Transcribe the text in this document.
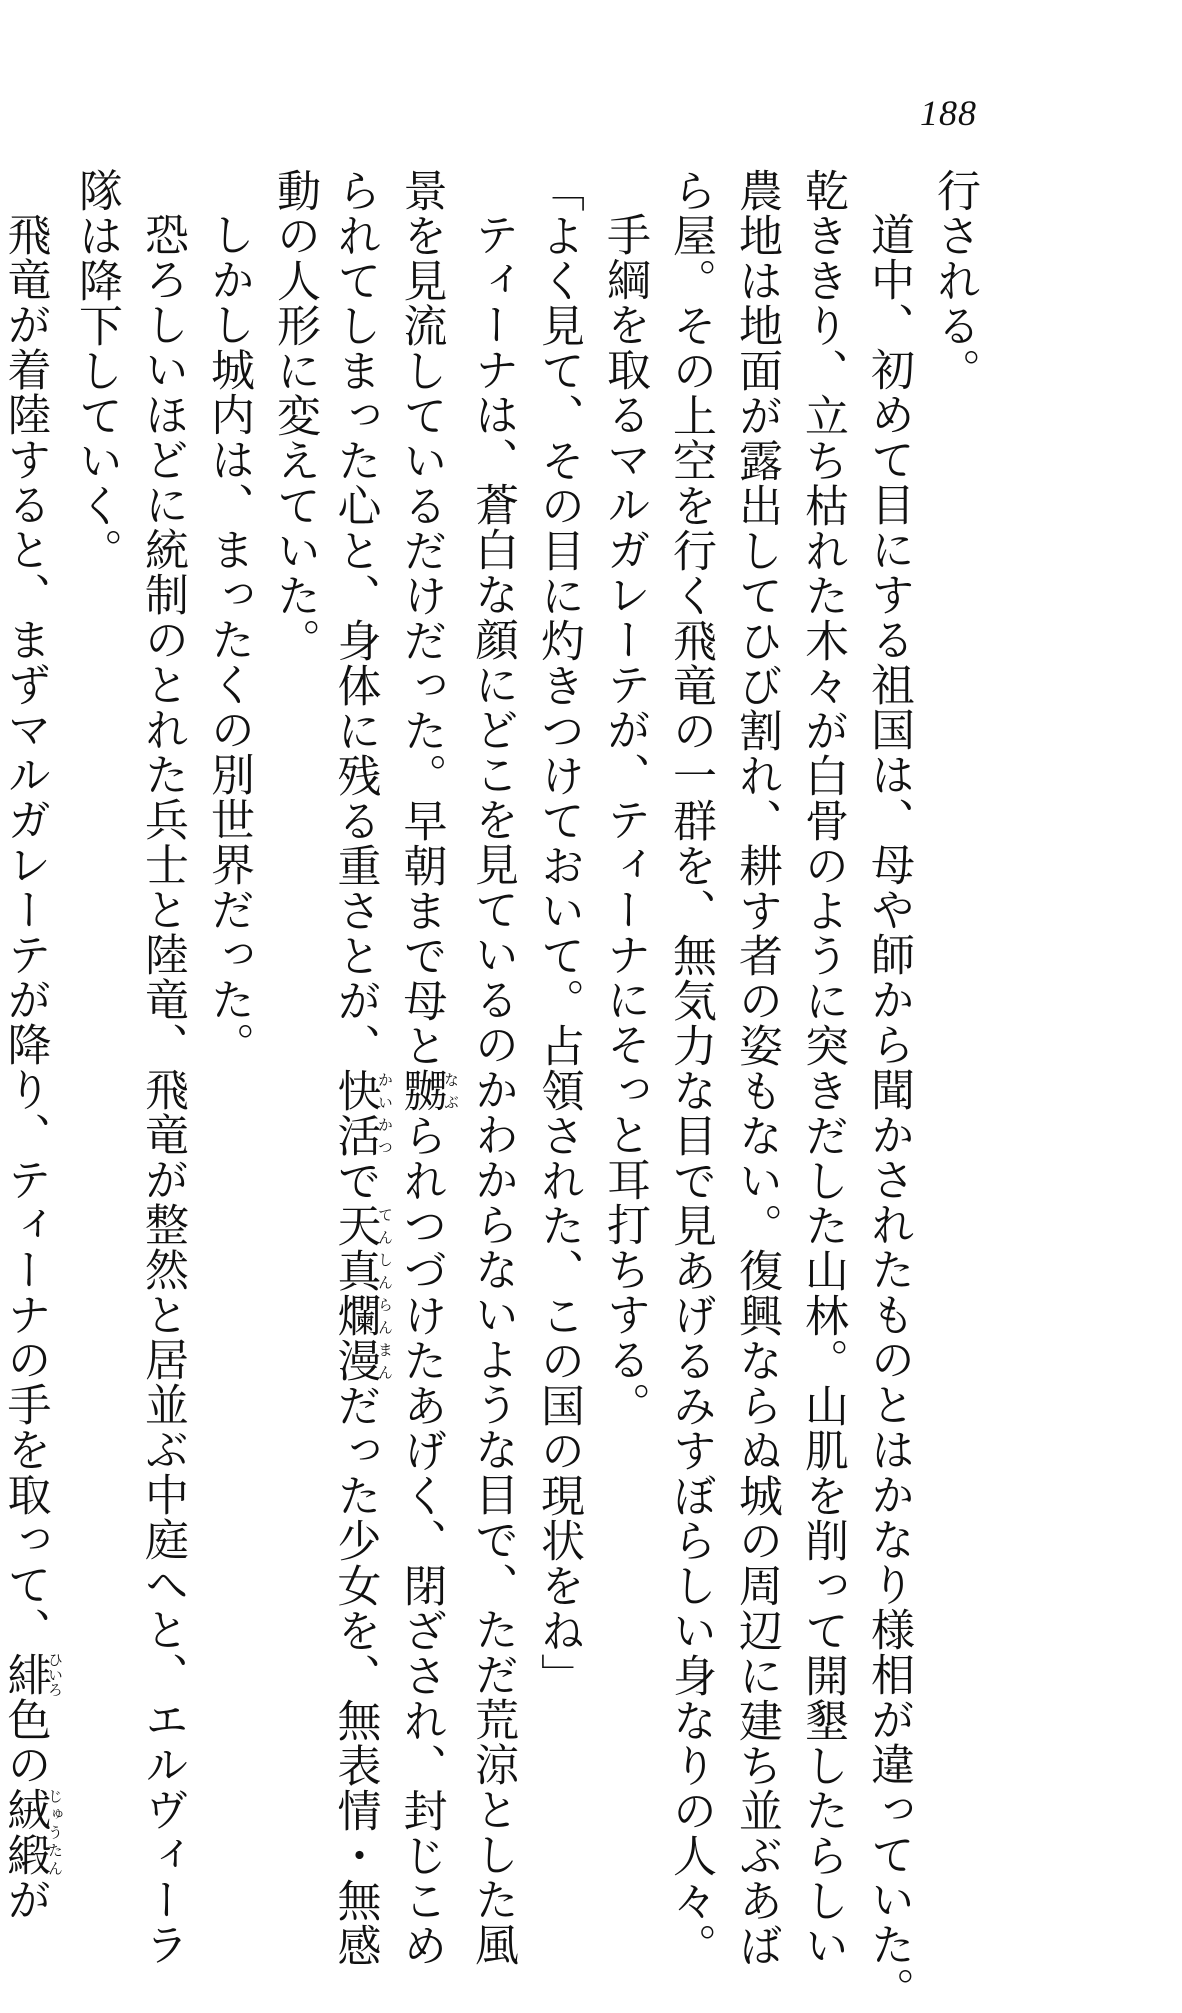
188
行される。
道中、初めて目にする祖国は、母や師から聞かされたものとはかなり様相が違っていた。
乾ききり、立ち枯れた木々が白骨のように突きだした山林。山肌を削って開墾したらしい
農地は地面が露出してひび割れ、耕す者の姿もない。復興ならぬ城の周辺に建ち並ぶあば
ら屋。その上空を行く飛竜の一群を、無気力な目で見あげるみすぼらしい身なりの人々。
手綱を取るマルガレーテが、ティーナにそっと耳打ちする。
「よく見て、その目に灼きつけておいて。占領された、この国の現状をね」
ティーナは、蒼白な顔にどこを見ているのかわからないような目で、ただ荒涼とした風
景を見流しているだけだった。早朝まで母と嬲なぶられつづけたあげく、閉ざされ、封じこめ
られてしまった心と、身体に残る重さとが、快活かいかつで天真爛漫てんしんらんまんだった少女を、無表情・無感
動の人形に変えていた。
しかし城内は、まったくの別世界だった。
恐ろしいほどに統制のとれた兵士と陸竜、飛竜が整然と居並ぶ中庭へと、エルヴィーラ
隊は降下していく。
飛竜が着陸すると、まずマルガレーテが降り、ティーナの手を取って、緋ひいろ色の絨緞じゅうたんが
